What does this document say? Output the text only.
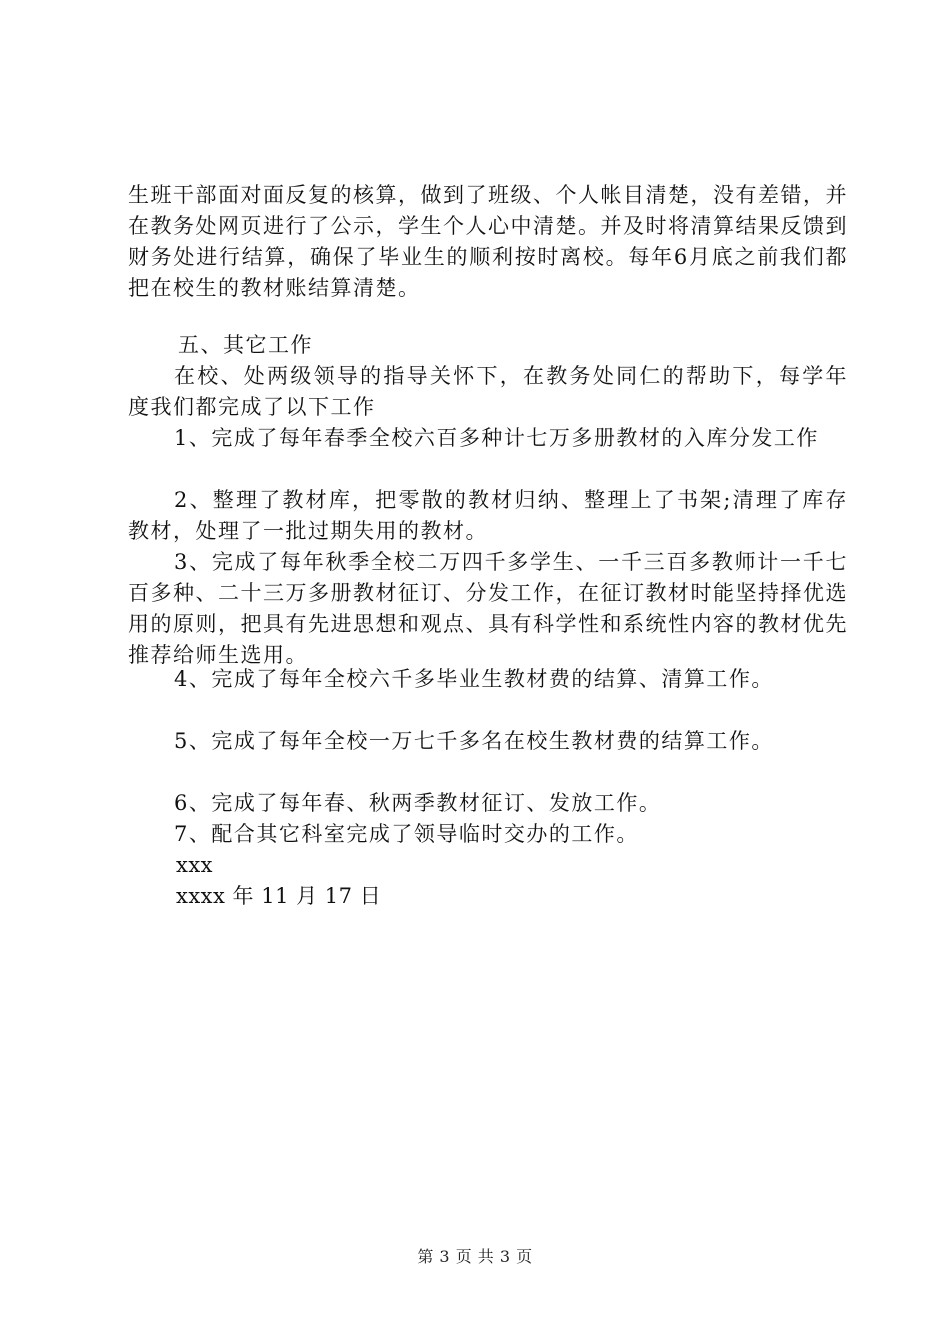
生班干部面对面反复的核算，做到了班级、个人帐目清楚，没有差错，并在教务处网页进行了公示，学生个人心中清楚。并及时将清算结果反馈到财务处进行结算，确保了毕业生的顺利按时离校。每年6月底之前我们都把在校生的教材账结算清楚。

五、其它工作

在校、处两级领导的指导关怀下，在教务处同仁的帮助下，每学年度我们都完成了以下工作

1、完成了每年春季全校六百多种计七万多册教材的入库分发工作

2、整理了教材库，把零散的教材归纳、整理上了书架;清理了库存教材，处理了一批过期失用的教材。

3、完成了每年秋季全校二万四千多学生、一千三百多教师计一千七百多种、二十三万多册教材征订、分发工作，在征订教材时能坚持择优选用的原则，把具有先进思想和观点、具有科学性和系统性内容的教材优先推荐给师生选用。

4、完成了每年全校六千多毕业生教材费的结算、清算工作。

5、完成了每年全校一万七千多名在校生教材费的结算工作。

6、完成了每年春、秋两季教材征订、发放工作。

7、配合其它科室完成了领导临时交办的工作。

xxx

xxxx 年 11 月 17 日

第 3 页 共 3 页
